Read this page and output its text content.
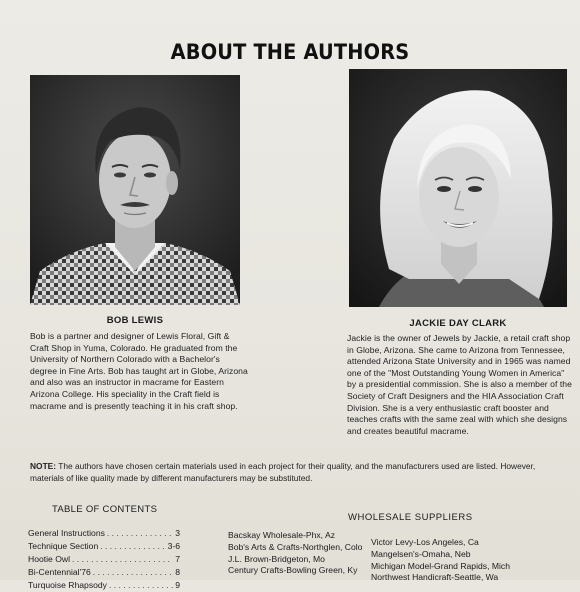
ABOUT THE AUTHORS
BOB LEWIS	JACKIE DAY CLARK
Bob is a partner and designer of Lewis Floral, Gift & Craft Shop in Yuma, Colorado. He graduated from the University of Northern Colorado with a Bachelor's degree in Fine Arts. Bob has taught art in Globe, Arizona and also was an instructor in macrame for Eastern Arizona College. His speciality in the Craft field is macrame and is presently teaching it in his craft shop.
Jackie is the owner of Jewels by Jackie, a retail craft shop in Globe, Arizona. She came to Arizona from Tennessee, attended Arizona State University and in 1965 was named one of the "Most Outstanding Young Women in America" by a presidential commission. She is also a member of the Society of Craft Designers and the HIA Association Craft Division. She is a very enthusiastic craft booster and teaches crafts with the same zeal with which she designs and creates beautiful macrame.
NOTE: The authors have chosen certain materials used in each project for their quality, and the manufacturers used are listed. However, materials of like quality made by different manufacturers may be substituted.
TABLE OF CONTENTS
General Instructions . . .	3
Technique Section . . .	3-6
Hootie Owl . . .	7
Bi-Centennial'76 . . .	8
Turquoise Rhapsody . . .	9
WHOLESALE SUPPLIERS
Bacskay Wholesale-Phx, Az
Bob's Arts & Crafts-Northglen, Colo
J.L. Brown-Bridgeton, Mo
Century Crafts-Bowling Green, Ky
Victor Levy-Los Angeles, Ca
Mangelsen's-Omaha, Neb
Michigan Model-Grand Rapids, Mich
Northwest Handicraft-Seattle, Wa
